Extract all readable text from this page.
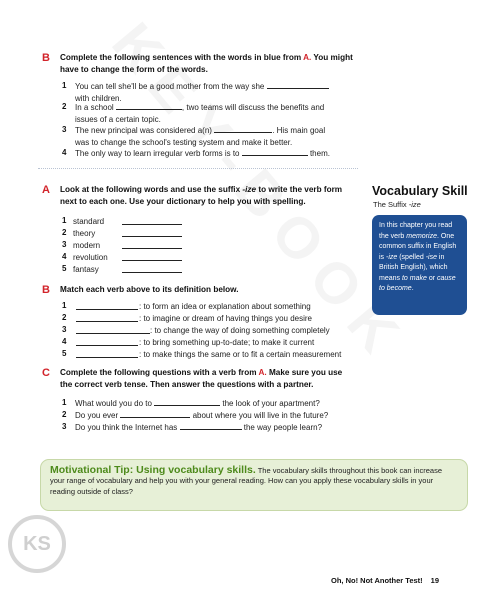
B Complete the following sentences with the words in blue from A. You might have to change the form of the words.
1 You can tell she'll be a good mother from the way she
with children.
2 In a school	, two teams will discuss the benefits and
issues of a certain topic.
3 The new principal was considered a(n)	. His main goal
was to change the school's testing system and make it better.
4 The only way to learn irregular verb forms is to	them.
A Look at the following words and use the suffix -ize to write the verb form next to each one. Use your dictionary to help you with spelling.
1 standard
2 theory
3 modern
4 revolution
5 fantasy
B Match each verb above to its definition below.
1	: to form an idea or explanation about something
2	: to imagine or dream of having things you desire
3	: to change the way of doing something completely
4	: to bring something up-to-date; to make it current
5	: to make things the same or to fit a certain measurement
C Complete the following questions with a verb from A. Make sure you use the correct verb tense. Then answer the questions with a partner.
1 What would you do to	the look of your apartment?
2 Do you ever	about where you will live in the future?
3 Do you think the Internet has	the way people learn?
Vocabulary Skill
The Suffix -ize
In this chapter you read the verb memorize. One common suffix in English is -ize (spelled -ise in British English), which means to make or cause to become.
Motivational Tip: Using vocabulary skills. The vocabulary skills throughout this book can increase your range of vocabulary and help you with your general reading. How can you apply these vocabulary skills in your reading outside of class?
KS
Oh, No! Not Another Test! 19
